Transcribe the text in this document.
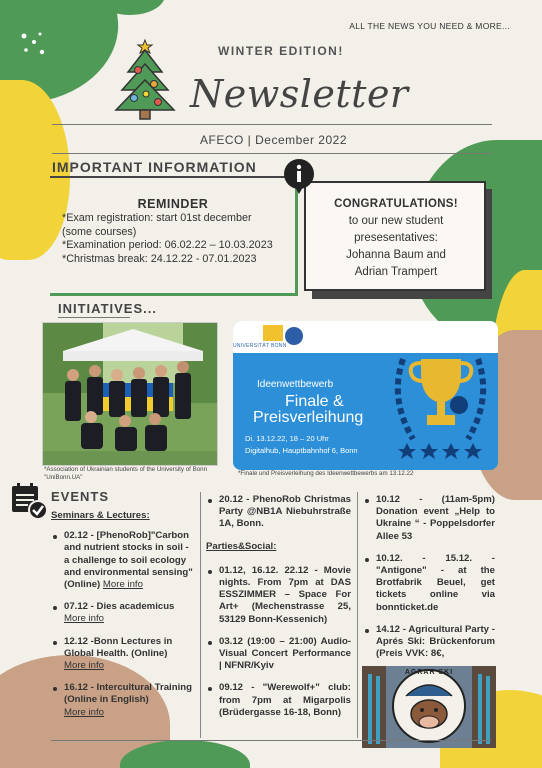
ALL THE NEWS YOU NEED & MORE...
WINTER EDITION!
Newsletter
AFECO | December 2022
IMPORTANT INFORMATION
REMINDER
*Exam registration: start 01st december
(some courses)
*Examination period: 06.02.22 – 10.03.2023
*Christmas break: 24.12.22 - 07.01.2023
CONGRATULATIONS!
to our new student
presesentatives:
Johanna Baum and
Adrian Trampert
INITIATIVES...
*Association of Ukrainian students of the University of Bonn "UniBonn.UA"
UNIVERSITÄT BONN
Ideenwettbewerb
Finale &
Preisverleihung
Di. 13.12.22, 18 – 20 Uhr
Digitalhub, Hauptbahnhof 6, Bonn
*Finale und Preisverleihung des Ideenwettbewerbs am 13.12.22
EVENTS
Seminars & Lectures:
02.12 - [PhenoRob]"Carbon and nutrient stocks in soil - a challenge to soil ecology and environmental sensing" (Online) More info
07.12 - Dies academicus
More info
12.12 -Bonn Lectures in Global Health. (Online)
More info
16.12 - Intercultural Training (Online in English)
More info
20.12 - PhenoRob Christmas Party @NB1A Niebuhrstraße 1A, Bonn.
Parties&Social:
01.12, 16.12. 22.12 - Movie nights. From 7pm at DAS ESSZIMMER – Space For Art+ (Mechenstrasse 25, 53129 Bonn-Kessenich)
03.12 (19:00 – 21:00) Audio-Visual Concert Performance | NFNR/Kyiv
09.12 - "Werewolf+" club: from 7pm at Migarpolis (Brüdergasse 16-18, Bonn)
10.12 - (11am-5pm) Donation event „Help to Ukraine “ - Poppelsdorfer Allee 53
10.12. - 15.12. - "Antigone" - at the Brotfabrik Beuel, get tickets online via bonnticket.de
14.12 - Agricultural Party - Aprés Ski: Brückenforum (Preis VVK: 8€,
AGRAR SKI
